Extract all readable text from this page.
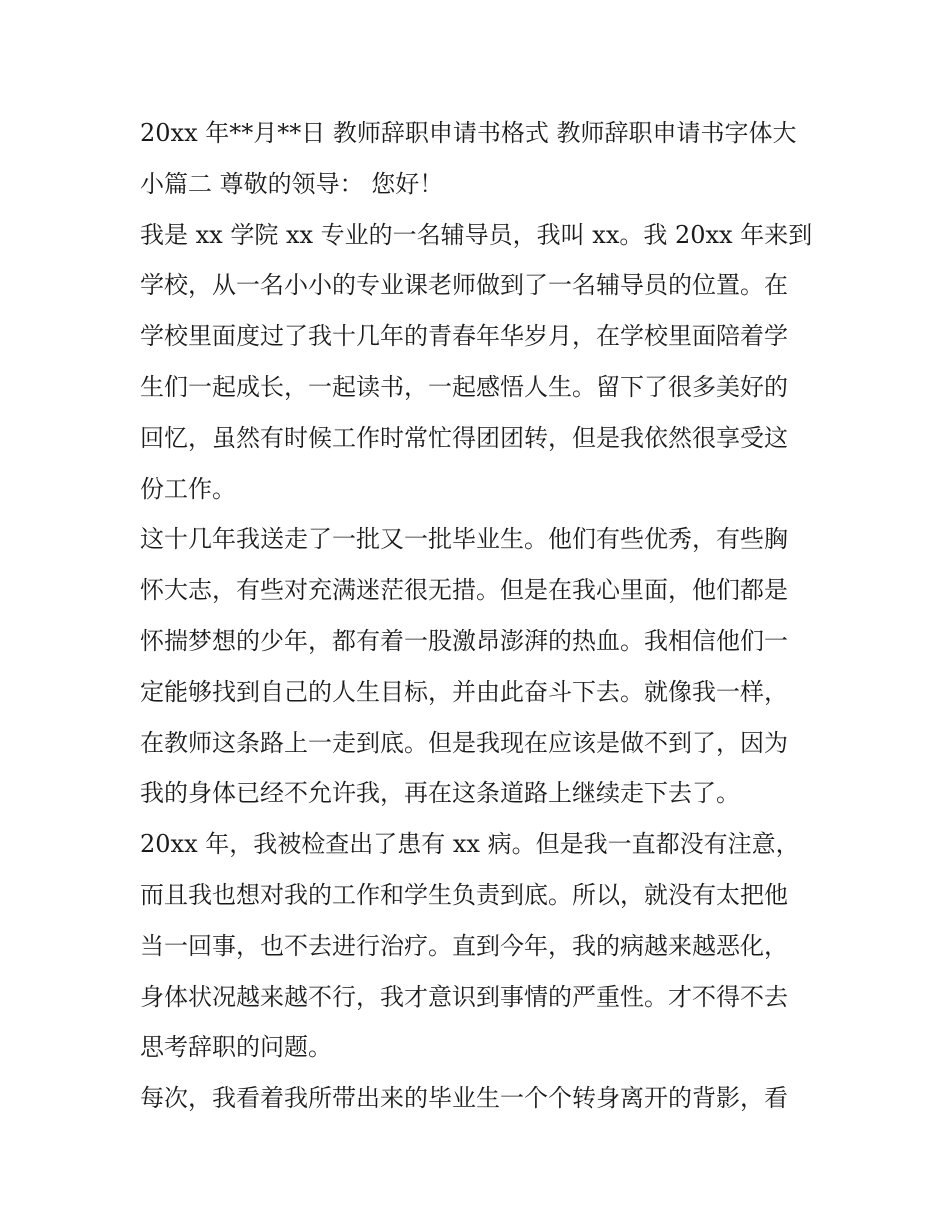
20xx 年**月**日 教师辞职申请书格式 教师辞职申请书字体大
小篇二 尊敬的领导： 您好！
我是 xx 学院 xx 专业的一名辅导员，我叫 xx。我 20xx 年来到
学校，从一名小小的专业课老师做到了一名辅导员的位置。在
学校里面度过了我十几年的青春年华岁月，在学校里面陪着学
生们一起成长，一起读书，一起感悟人生。留下了很多美好的
回忆，虽然有时候工作时常忙得团团转，但是我依然很享受这
份工作。
这十几年我送走了一批又一批毕业生。他们有些优秀，有些胸
怀大志，有些对充满迷茫很无措。但是在我心里面，他们都是
怀揣梦想的少年，都有着一股激昂澎湃的热血。我相信他们一
定能够找到自己的人生目标，并由此奋斗下去。就像我一样，
在教师这条路上一走到底。但是我现在应该是做不到了，因为
我的身体已经不允许我，再在这条道路上继续走下去了。
20xx 年，我被检查出了患有 xx 病。但是我一直都没有注意，
而且我也想对我的工作和学生负责到底。所以，就没有太把他
当一回事，也不去进行治疗。直到今年，我的病越来越恶化，
身体状况越来越不行，我才意识到事情的严重性。才不得不去
思考辞职的问题。
每次，我看着我所带出来的毕业生一个个转身离开的背影，看
